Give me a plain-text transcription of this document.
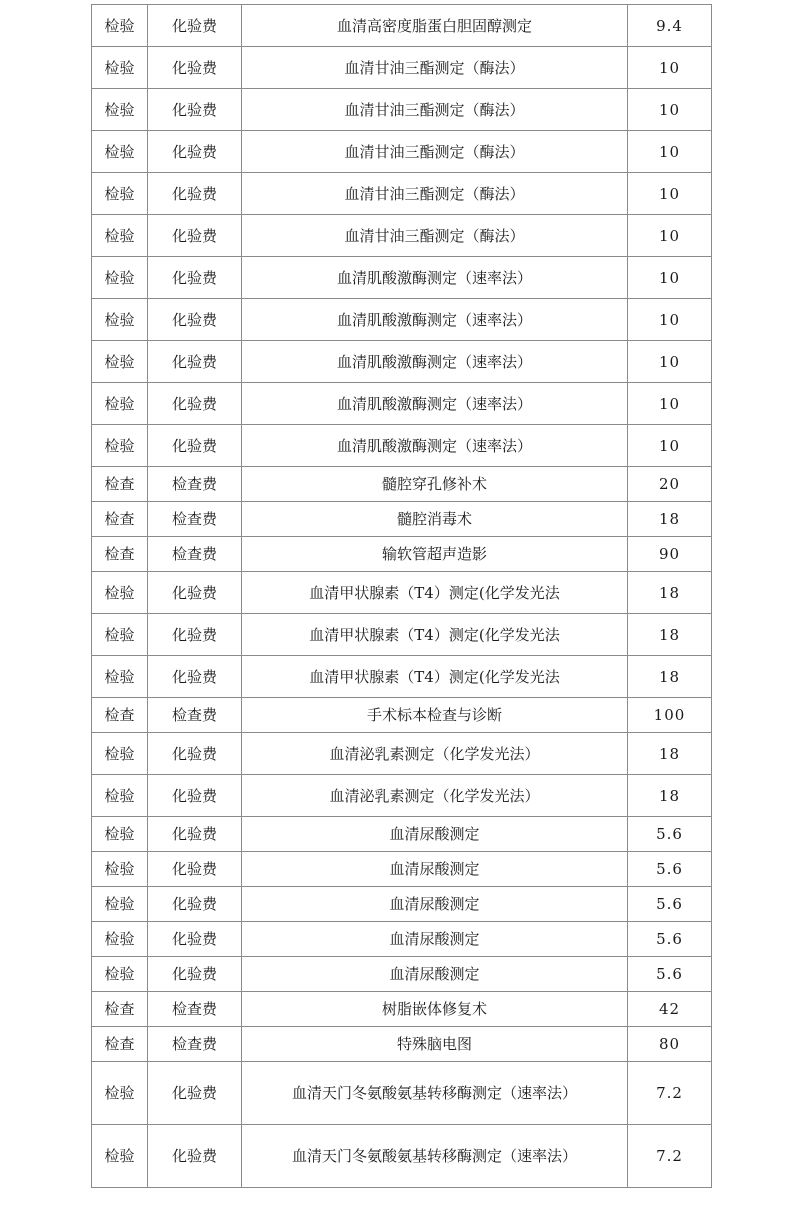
检验	化验费	血清高密度脂蛋白胆固醇测定	9.4
检验	化验费	血清甘油三酯测定（酶法）	10
检验	化验费	血清甘油三酯测定（酶法）	10
检验	化验费	血清甘油三酯测定（酶法）	10
检验	化验费	血清甘油三酯测定（酶法）	10
检验	化验费	血清甘油三酯测定（酶法）	10
检验	化验费	血清肌酸激酶测定（速率法）	10
检验	化验费	血清肌酸激酶测定（速率法）	10
检验	化验费	血清肌酸激酶测定（速率法）	10
检验	化验费	血清肌酸激酶测定（速率法）	10
检验	化验费	血清肌酸激酶测定（速率法）	10
检查	检查费	髓腔穿孔修补术	20
检查	检查费	髓腔消毒术	18
检查	检查费	输软管超声造影	90
检验	化验费	血清甲状腺素（T4）测定(化学发光法	18
检验	化验费	血清甲状腺素（T4）测定(化学发光法	18
检验	化验费	血清甲状腺素（T4）测定(化学发光法	18
检查	检查费	手术标本检查与诊断	100
检验	化验费	血清泌乳素测定（化学发光法）	18
检验	化验费	血清泌乳素测定（化学发光法）	18
检验	化验费	血清尿酸测定	5.6
检验	化验费	血清尿酸测定	5.6
检验	化验费	血清尿酸测定	5.6
检验	化验费	血清尿酸测定	5.6
检验	化验费	血清尿酸测定	5.6
检查	检查费	树脂嵌体修复术	42
检查	检查费	特殊脑电图	80
检验	化验费	血清天门冬氨酸氨基转移酶测定（速率法）	7.2
检验	化验费	血清天门冬氨酸氨基转移酶测定（速率法）	7.2
